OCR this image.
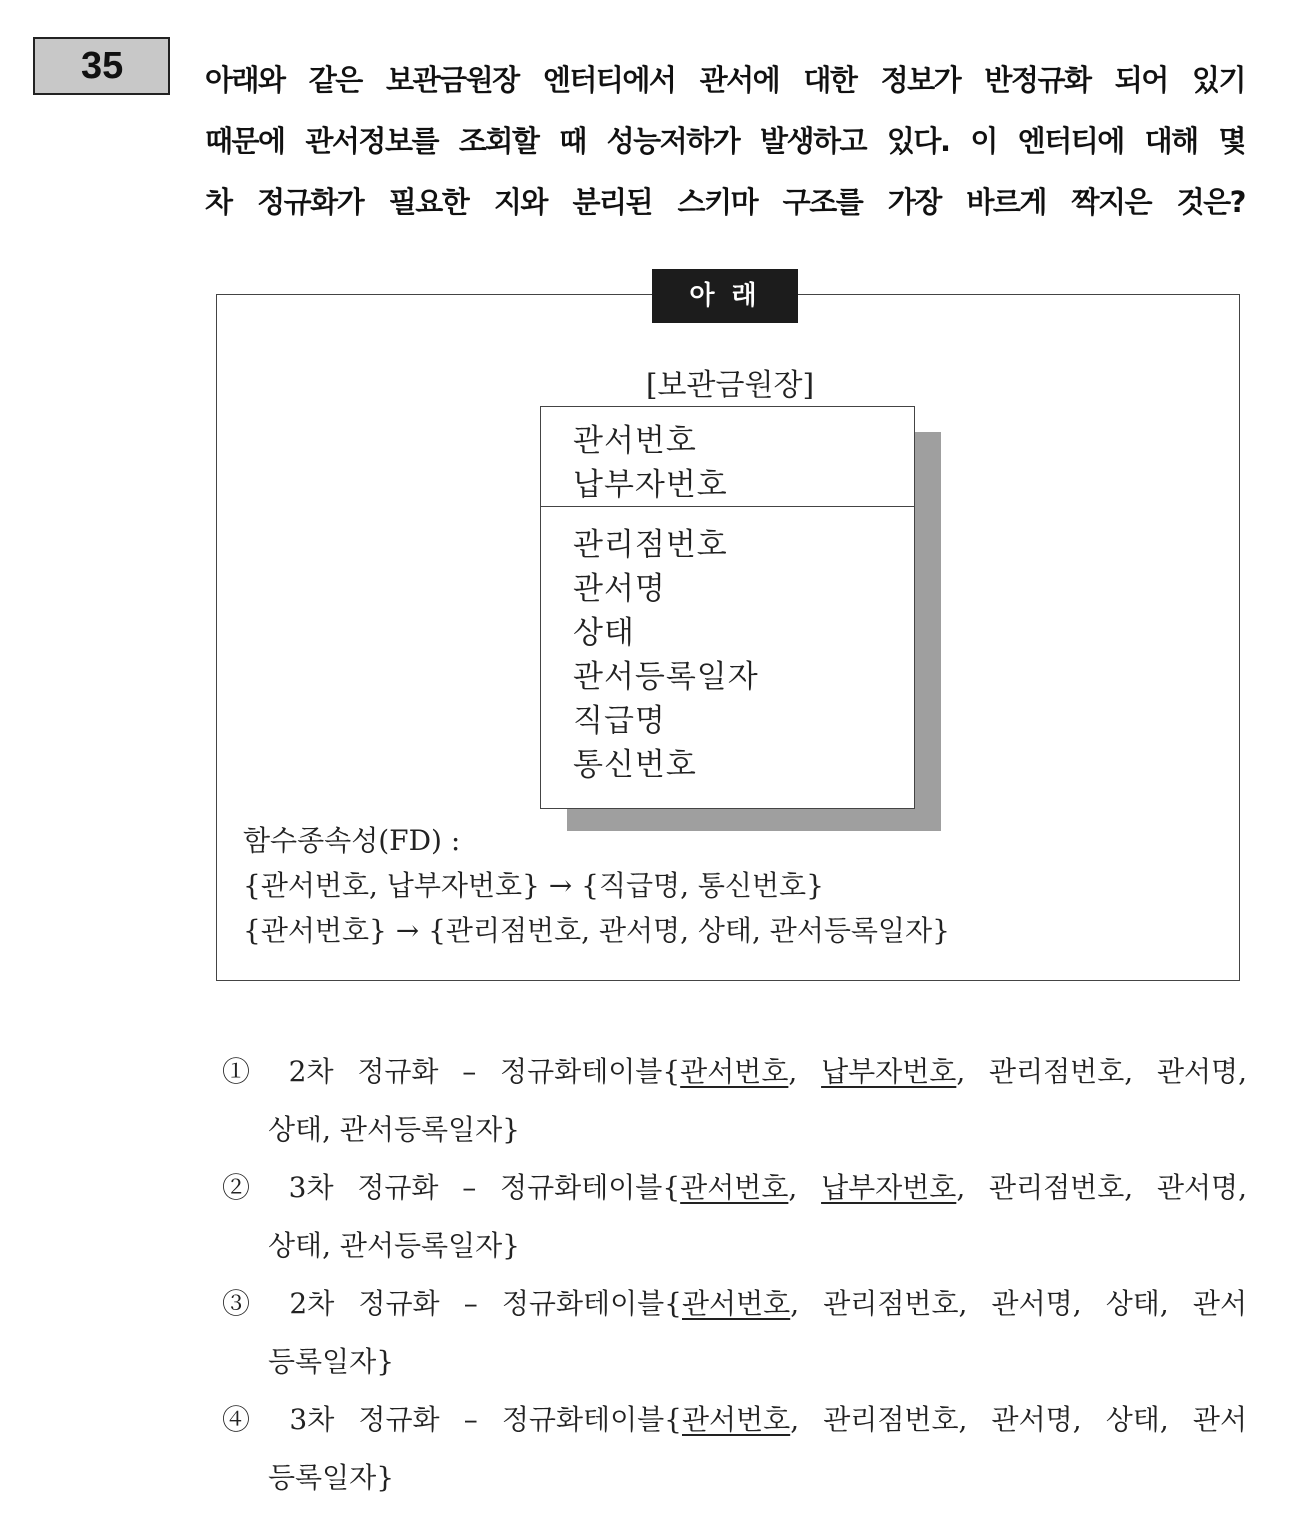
35	아래와 같은 보관금원장 엔터티에서 관서에 대한 정보가 반정규화 되어 있기
때문에 관서정보를 조회할 때 성능저하가 발생하고 있다. 이 엔터티에 대해 몇
차 정규화가 필요한 지와 분리된 스키마 구조를 가장 바르게 짝지은 것은?
아 래
[보관금원장]
관서번호
납부자번호
관리점번호
관서명
상태
관서등록일자
직급명
통신번호
함수종속성(FD) :
{관서번호, 납부자번호} → {직급명, 통신번호}
{관서번호} → {관리점번호, 관서명, 상태, 관서등록일자}
① 2차 정규화 – 정규화테이블{관서번호, 납부자번호, 관리점번호, 관서명,
상태, 관서등록일자}
② 3차 정규화 – 정규화테이블{관서번호, 납부자번호, 관리점번호, 관서명,
상태, 관서등록일자}
③ 2차 정규화 – 정규화테이블{관서번호, 관리점번호, 관서명, 상태, 관서
등록일자}
④ 3차 정규화 – 정규화테이블{관서번호, 관리점번호, 관서명, 상태, 관서
등록일자}
